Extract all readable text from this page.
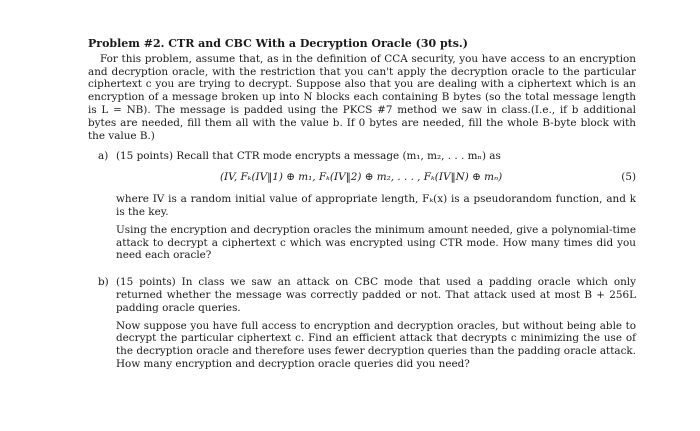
Problem #2. CTR and CBC With a Decryption Oracle (30 pts.)

For this problem, assume that, as in the definition of CCA security, you have access to an encryption and decryption oracle, with the restriction that you can't apply the decryption oracle to the particular ciphertext c you are trying to decrypt. Suppose also that you are dealing with a ciphertext which is an encryption of a message broken up into N blocks each containing B bytes (so the total message length is L = NB). The message is padded using the PKCS #7 method we saw in class.(I.e., if b additional bytes are needed, fill them all with the value b. If 0 bytes are needed, fill the whole B-byte block with the value B.)

a) (15 points) Recall that CTR mode encrypts a message (m₁, m₂, . . . mₙ) as

(IV, Fₖ(IV‖1) ⊕ m₁, Fₖ(IV‖2) ⊕ m₂, . . . , Fₖ(IV‖N) ⊕ mₙ)	(5)

where IV is a random initial value of appropriate length, Fₖ(x) is a pseudorandom function, and k is the key.

Using the encryption and decryption oracles the minimum amount needed, give a polynomial-time attack to decrypt a ciphertext c which was encrypted using CTR mode. How many times did you need each oracle?

b) (15 points) In class we saw an attack on CBC mode that used a padding oracle which only returned whether the message was correctly padded or not. That attack used at most B + 256L padding oracle queries.

Now suppose you have full access to encryption and decryption oracles, but without being able to decrypt the particular ciphertext c. Find an efficient attack that decrypts c minimizing the use of the decryption oracle and therefore uses fewer decryption queries than the padding oracle attack. How many encryption and decryption oracle queries did you need?
